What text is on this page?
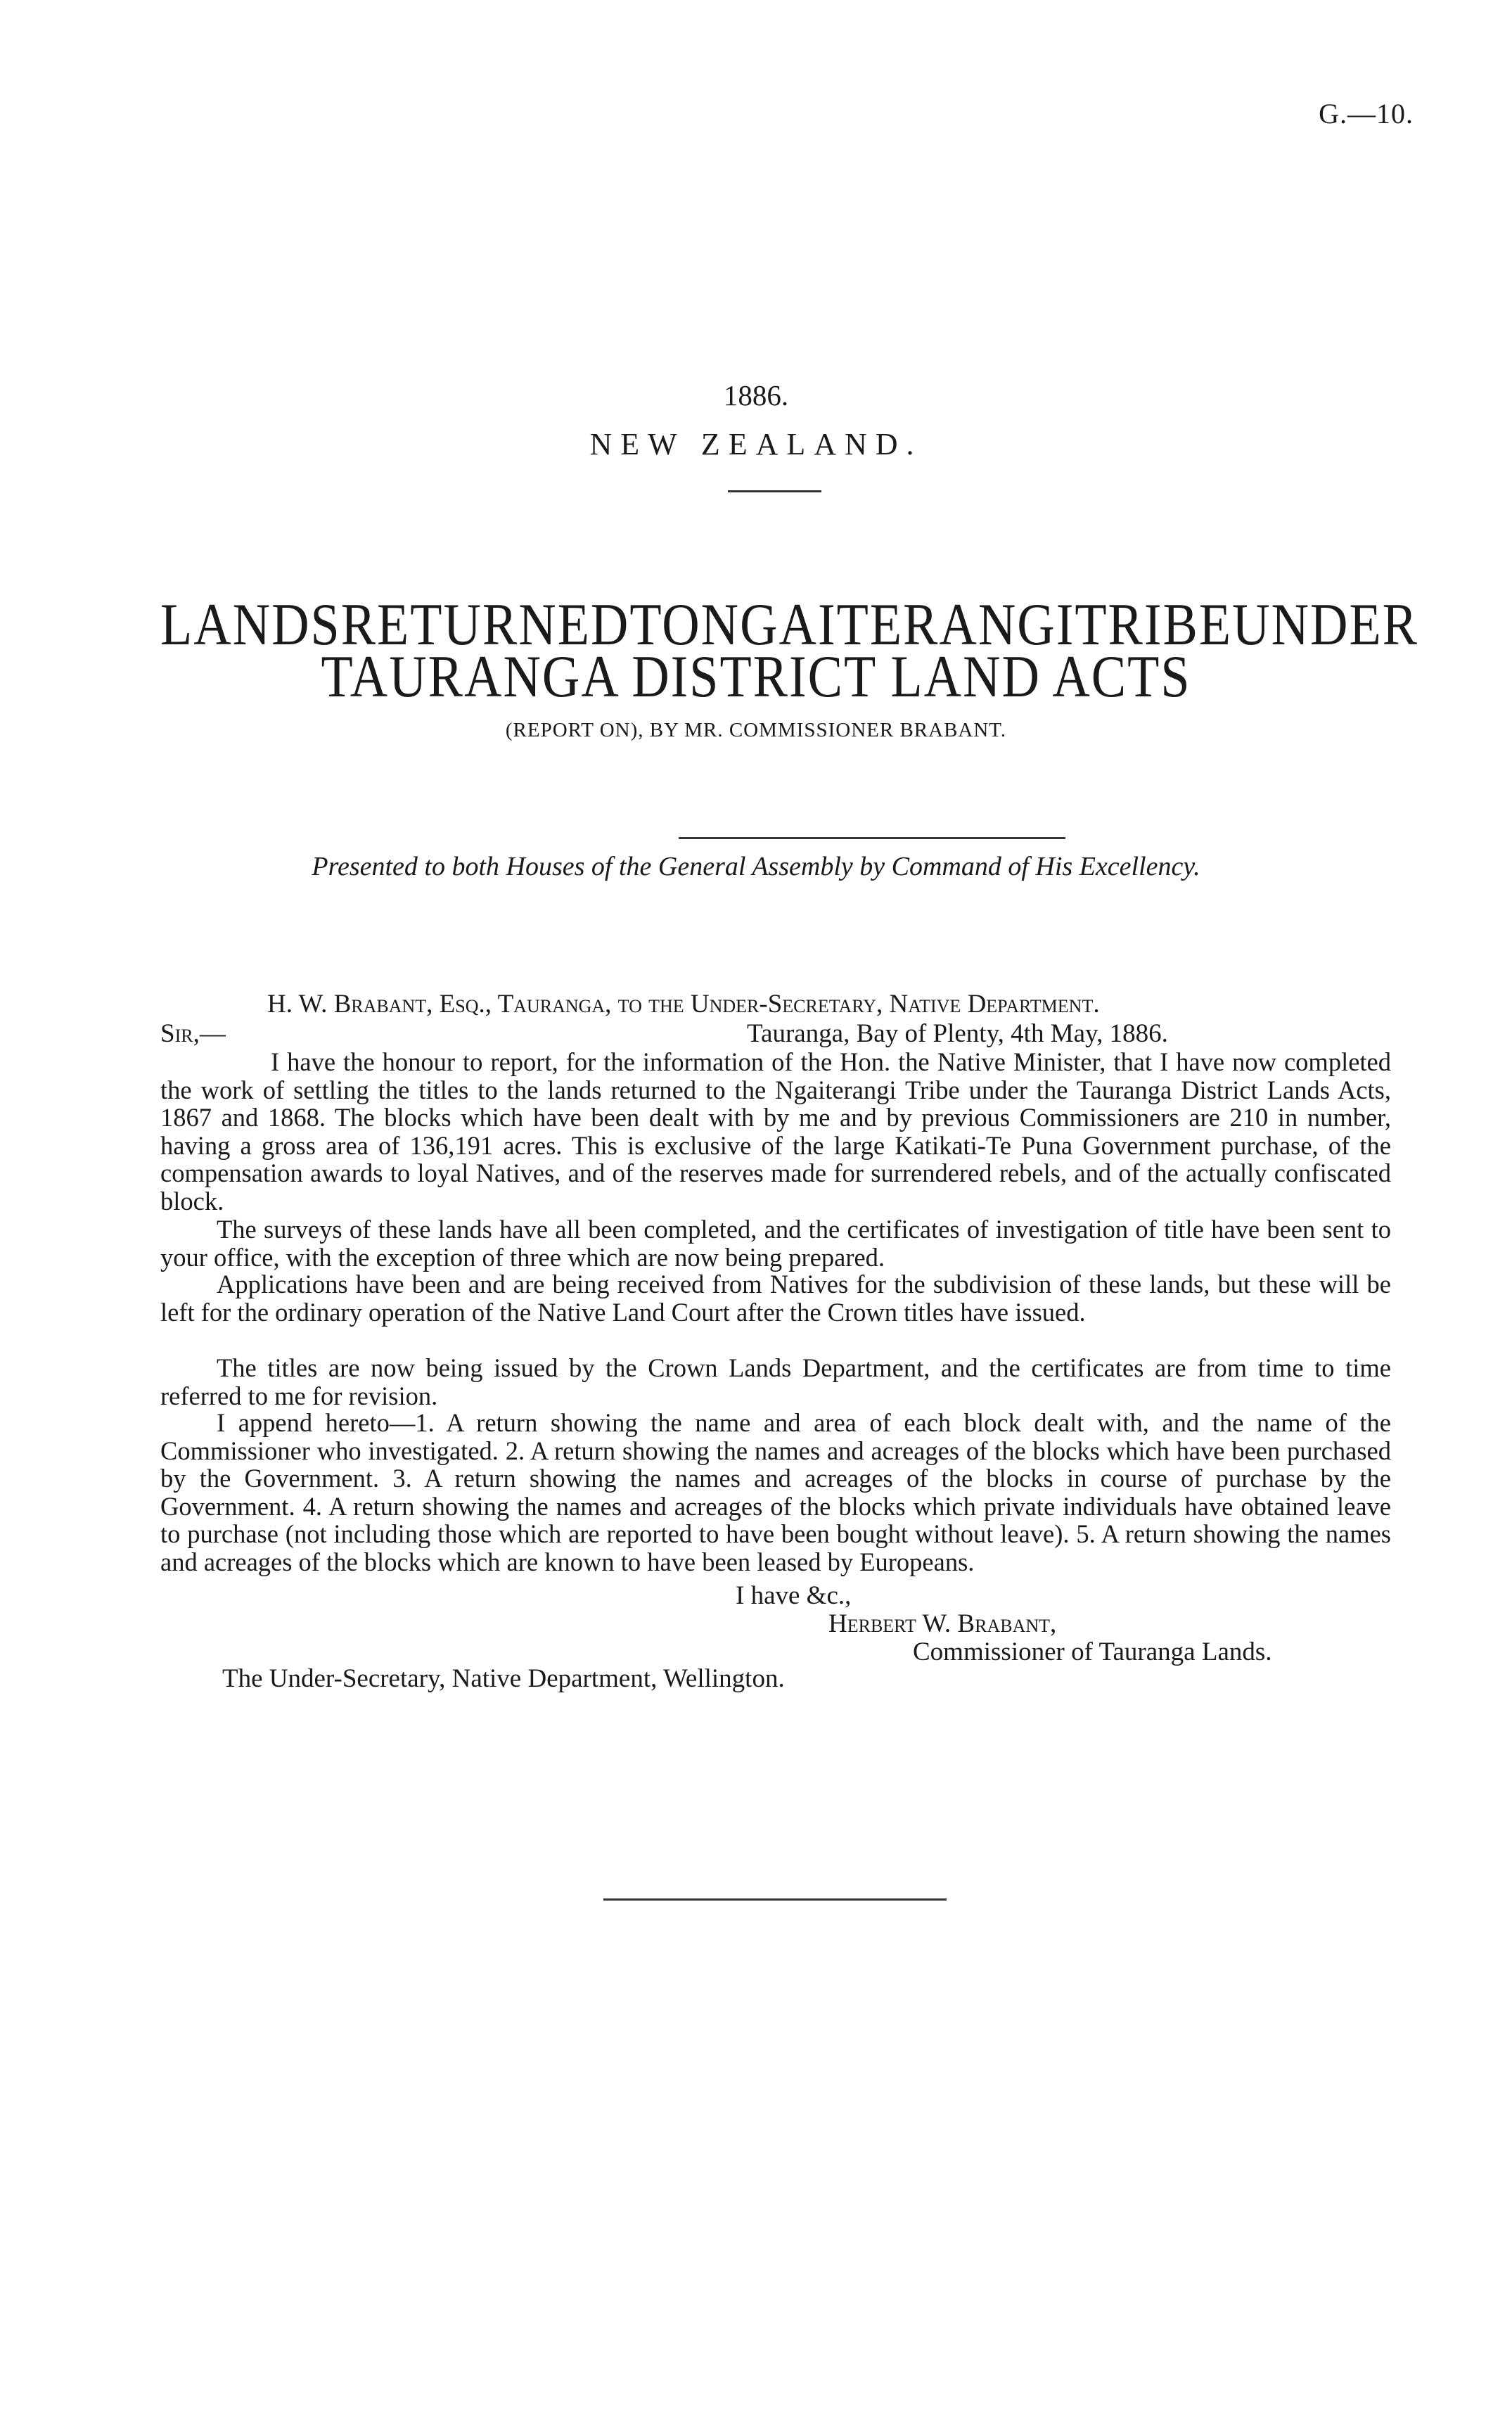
G.—10.
1886.
NEW ZEALAND.
LANDS RETURNED TO NGAITERANGI TRIBE UNDER
TAURANGA DISTRICT LAND ACTS
(REPORT ON), BY MR. COMMISSIONER BRABANT.
Presented to both Houses of the General Assembly by Command of His Excellency.
H. W. Brabant, Esq., Tauranga, to the Under-Secretary, Native Department.
Sir,—	Tauranga, Bay of Plenty, 4th May, 1886.
I have the honour to report, for the information of the Hon. the Native Minister, that I have now completed the work of settling the titles to the lands returned to the Ngaiterangi Tribe under the Tauranga District Lands Acts, 1867 and 1868. The blocks which have been dealt with by me and by previous Commissioners are 210 in number, having a gross area of 136,191 acres. This is exclusive of the large Katikati-Te Puna Government purchase, of the compensation awards to loyal Natives, and of the reserves made for surrendered rebels, and of the actually confiscated block.
The surveys of these lands have all been completed, and the certificates of investigation of title have been sent to your office, with the exception of three which are now being prepared.
Applications have been and are being received from Natives for the subdivision of these lands, but these will be left for the ordinary operation of the Native Land Court after the Crown titles have issued.
The titles are now being issued by the Crown Lands Department, and the certificates are from time to time referred to me for revision.
I append hereto—1. A return showing the name and area of each block dealt with, and the name of the Commissioner who investigated. 2. A return showing the names and acreages of the blocks which have been purchased by the Government. 3. A return showing the names and acreages of the blocks in course of purchase by the Government. 4. A return showing the names and acreages of the blocks which private individuals have obtained leave to purchase (not including those which are reported to have been bought without leave). 5. A return showing the names and acreages of the blocks which are known to have been leased by Europeans.
I have &c.,
Herbert W. Brabant,
Commissioner of Tauranga Lands.
The Under-Secretary, Native Department, Wellington.
